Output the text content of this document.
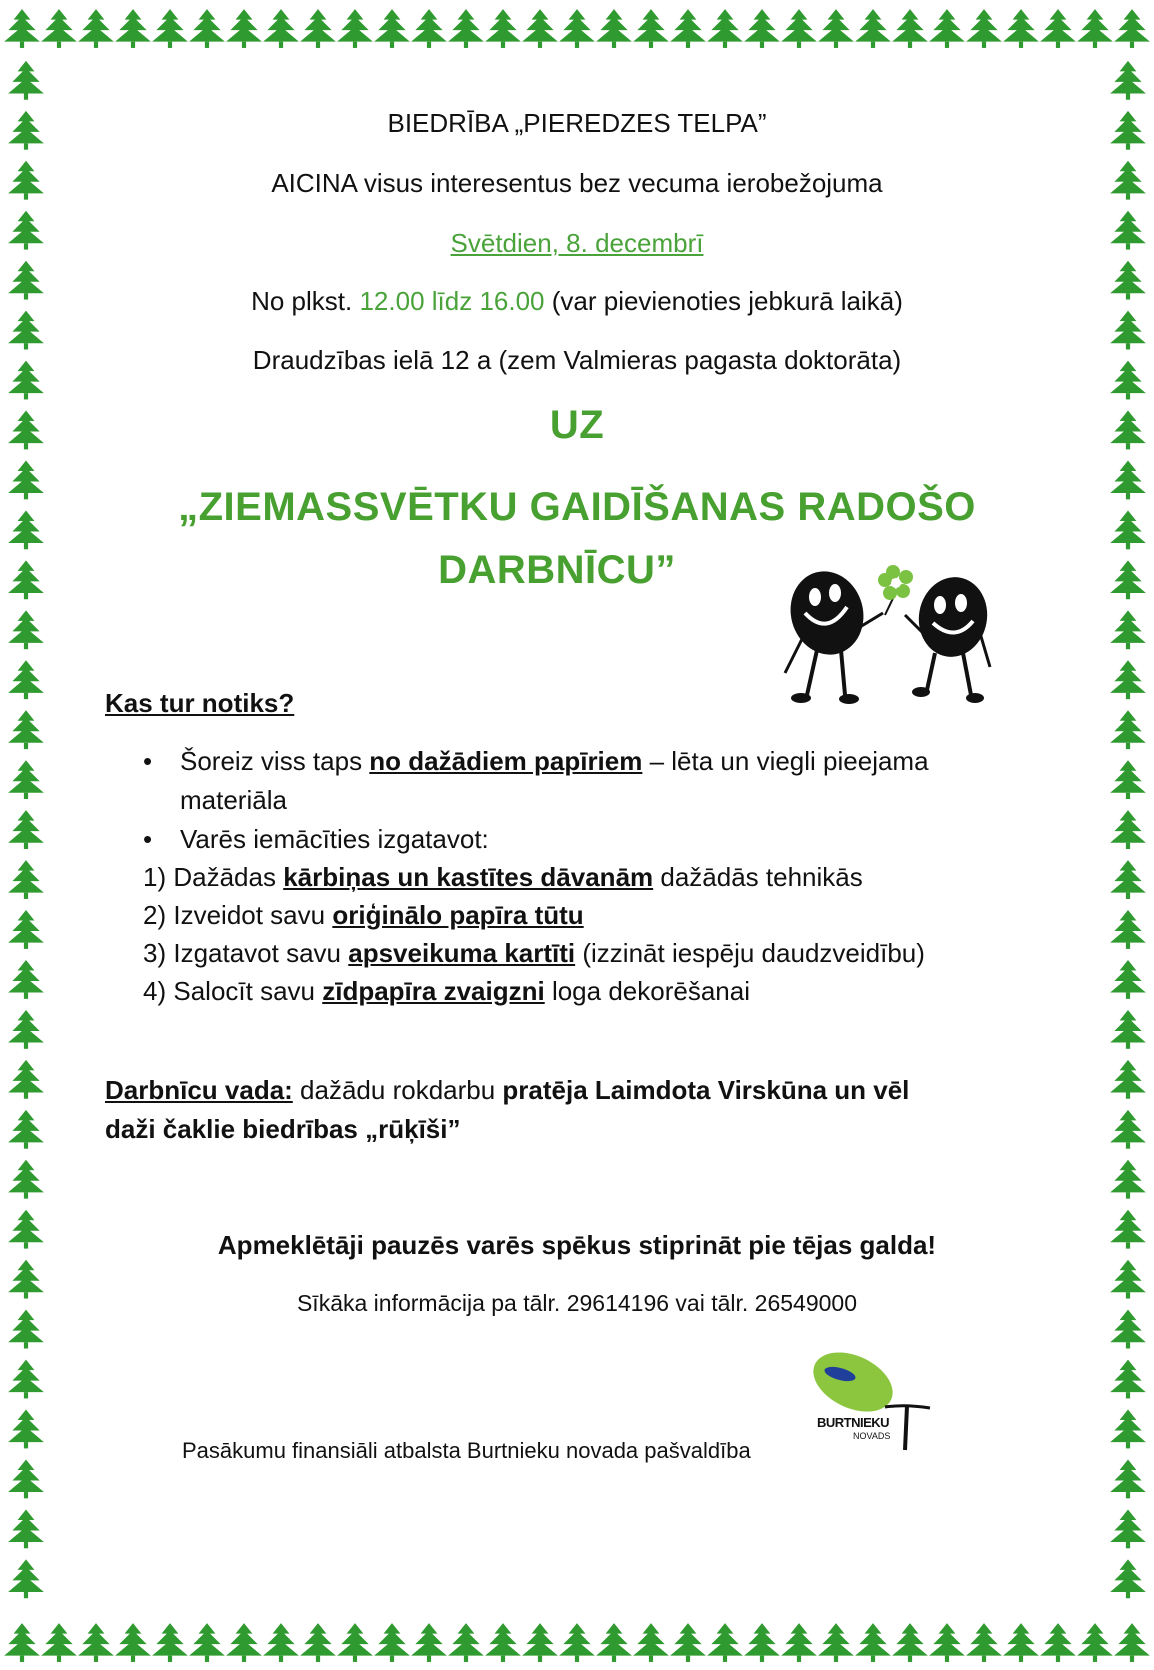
BIEDRĪBA „PIEREDZES TELPA”
AICINA visus interesentus bez vecuma ierobežojuma
Svētdien, 8. decembrī
No plkst. 12.00 līdz 16.00 (var pievienoties jebkurā laikā)
Draudzības ielā 12 a (zem Valmieras pagasta doktorāta)
UZ
„ZIEMASSVĒTKU GAIDĪŠANAS RADOŠO
DARBNĪCU”
Kas tur notiks?
• Šoreiz viss taps no dažādiem papīriem – lēta un viegli pieejama
materiāla
• Varēs iemācīties izgatavot:
1) Dažādas kārbiņas un kastītes dāvanām dažādās tehnikās
2) Izveidot savu oriģinālo papīra tūtu
3) Izgatavot savu apsveikuma kartīti (izzināt iespēju daudzveidību)
4) Salocīt savu zīdpapīra zvaigzni loga dekorēšanai
Darbnīcu vada: dažādu rokdarbu pratēja Laimdota Virskūna un vēl
daži čaklie biedrības „rūķīši”
Apmeklētāji pauzēs varēs spēkus stiprināt pie tējas galda!
Sīkāka informācija pa tālr. 29614196 vai tālr. 26549000
Pasākumu finansiāli atbalsta Burtnieku novada pašvaldība
BURTNIEKU
NOVADS
